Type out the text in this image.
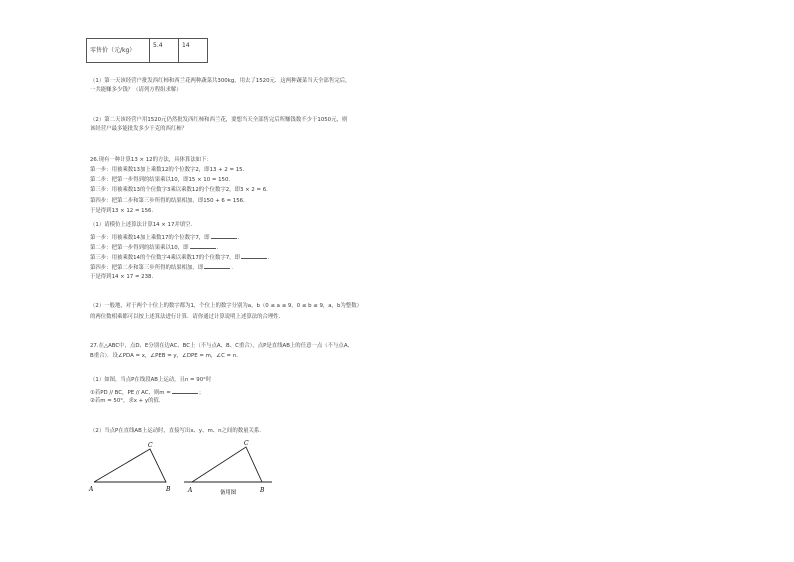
零售价（元/kg）	5.4	14
（1）第一天该经营户批发西红柿和西兰花两种蔬菜共300kg，用去了1520元．这两种蔬菜当天全部售完后，
一共能赚多少钱？（请列方程组求解）
（2）第二天该经营户用1520元仍然批发西红柿和西兰花，要想当天全部售完后所赚钱数不少于1050元，则
该经营户最多能批发多少千克的西红柿？
26.现有一种计算13 × 12的方法，具体算法如下：
第一步：用被乘数13加上乘数12的个位数字2，即13 + 2 = 15．
第二步：把第一步得到的结果乘以10，即15 × 10 = 150．
第三步：用被乘数13的个位数字3乘以乘数12的个位数字2，即3 × 2 = 6．
第四步：把第二步和第三步所得的结果相加，即150 + 6 = 156．
于是得到13 × 12 = 156．
（1）请模仿上述算法计算14 × 17并填空．
第一步：用被乘数14加上乘数17的个位数字7，即	．
第二步：把第一步得到的结果乘以10，即	．
第三步：用被乘数14的个位数字4乘以乘数17的个位数字7，即	．
第四步：把第二步和第三步所得的结果相加，即	．
于是得到14 × 17 = 238．
（2）一般地，对于两个十位上的数字都为1，个位上的数字分别为a，b（0 ≤ a ≤ 9，0 ≤ b ≤ 9，a，b为整数）
的两位数相乘都可以按上述算法进行计算．请你通过计算说明上述算法的合理性．
27.在△ABC中，点D、E分别在边AC、BC上（不与点A、B、C重合），点P是直线AB上的任意一点（不与点A、
B重合）．设∠PDA = x，∠PEB = y，∠DPE = m，∠C = n．
（1）如图，当点P在线段AB上运动，且n = 90°时
①若PD // BC，PE // AC，则m =	；
②若m = 50°，求x + y的值．
（2）当点P在直线AB上运动时，直接写出x、y、m、n之间的数量关系．
A	B
C
A	B
C
备用图
